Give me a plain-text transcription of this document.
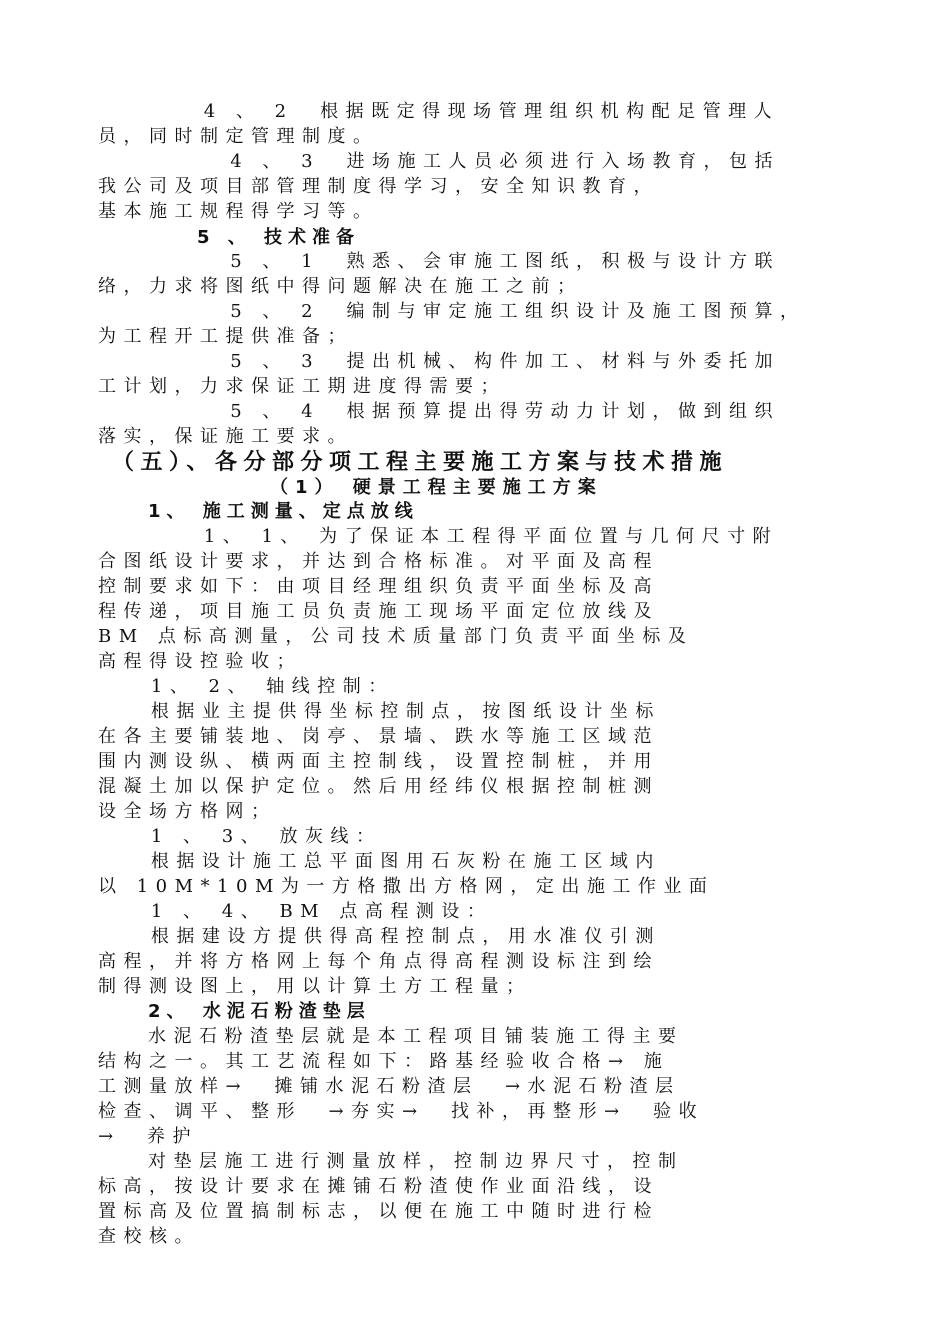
4 、 2  根据既定得现场管理组织机构配足管理人
员，同时制定管理制度。
4 、 3  进场施工人员必须进行入场教育，包括
我公司及项目部管理制度得学习，安全知识教育，
基本施工规程得学习等。
5 、 技术准备
5 、 1  熟悉、会审施工图纸，积极与设计方联
络，力求将图纸中得问题解决在施工之前；
5 、 2  编制与审定施工组织设计及施工图预算，
为工程开工提供准备；
5 、 3  提出机械、构件加工、材料与外委托加
工计划，力求保证工期进度得需要；
5 、 4  根据预算提出得劳动力计划，做到组织
落实，保证施工要求。
（五）、各分部分项工程主要施工方案与技术措施
（1） 硬景工程主要施工方案
1、 施工测量、定点放线
1、 1、 为了保证本工程得平面位置与几何尺寸附
合图纸设计要求，并达到合格标准。对平面及高程
控制要求如下：由项目经理组织负责平面坐标及高
程传递，项目施工员负责施工现场平面定位放线及
BM 点标高测量，公司技术质量部门负责平面坐标及
高程得设控验收；
1、 2、 轴线控制：
根据业主提供得坐标控制点，按图纸设计坐标
在各主要铺装地、岗亭、景墙、跌水等施工区域范
围内测设纵、横两面主控制线，设置控制桩，并用
混凝土加以保护定位。然后用经纬仪根据控制桩测
设全场方格网；
1 、 3、 放灰线：
根据设计施工总平面图用石灰粉在施工区域内
以 10M*10M为一方格撒出方格网，定出施工作业面
1 、 4、 BM 点高程测设：
根据建设方提供得高程控制点，用水准仪引测
高程，并将方格网上每个角点得高程测设标注到绘
制得测设图上，用以计算土方工程量；
2、 水泥石粉渣垫层
水泥石粉渣垫层就是本工程项目铺装施工得主要
结构之一。其工艺流程如下：路基经验收合格→ 施
工测量放样→  摊铺水泥石粉渣层  →水泥石粉渣层
检查、调平、整形  →夯实→  找补，再整形→  验收
→  养护
对垫层施工进行测量放样，控制边界尺寸，控制
标高，按设计要求在摊铺石粉渣使作业面沿线，设
置标高及位置搞制标志，以便在施工中随时进行检
查校核。
